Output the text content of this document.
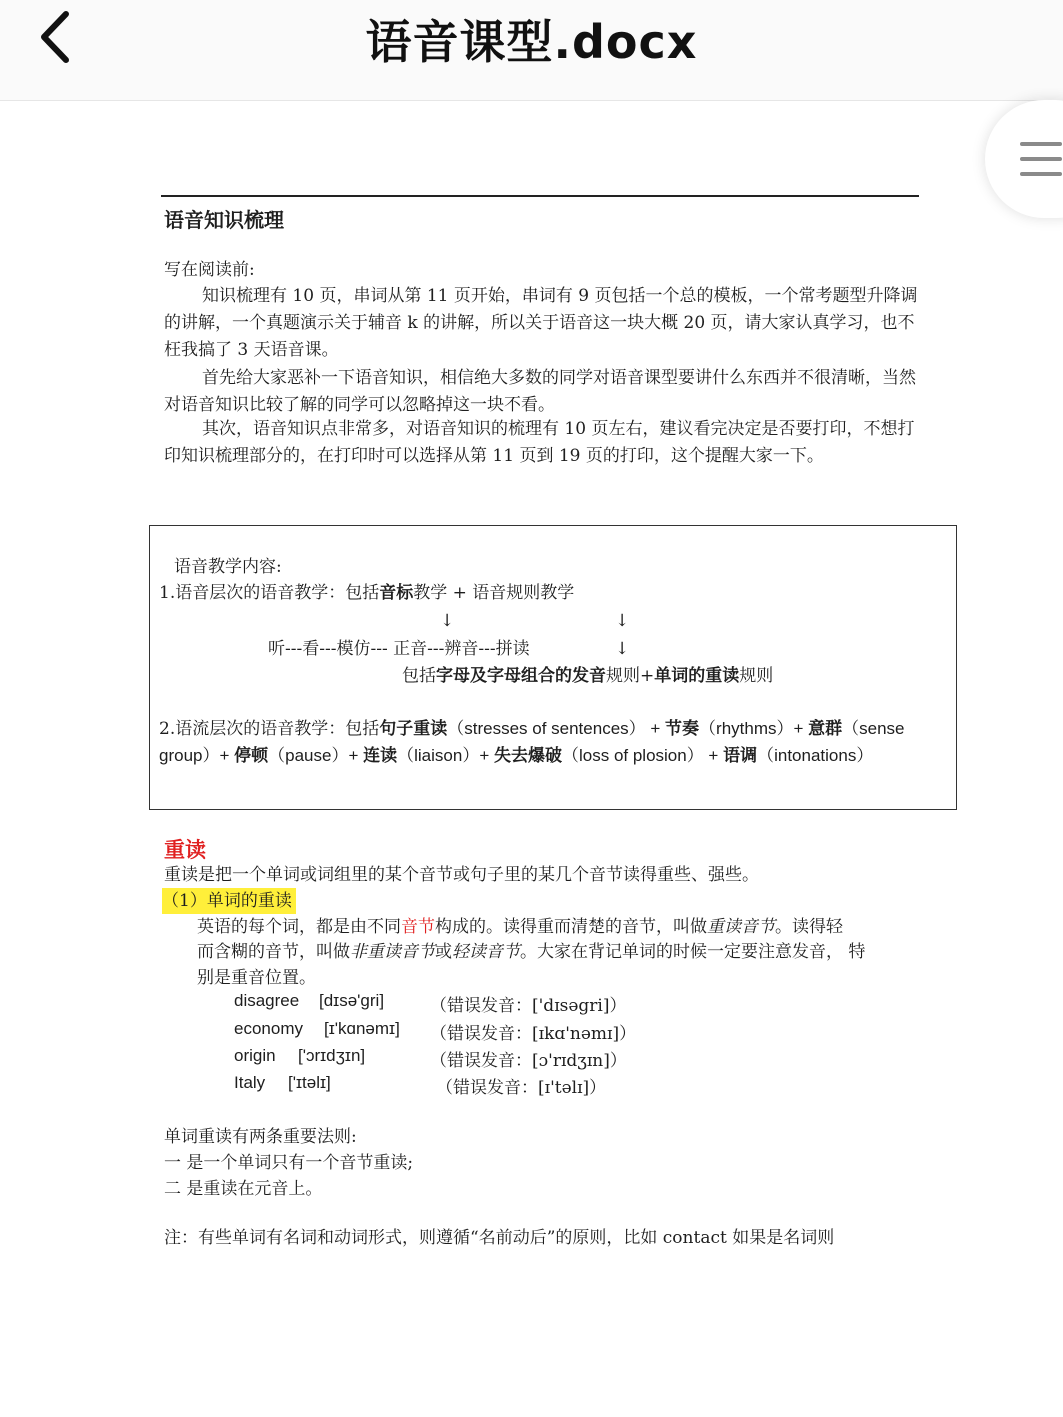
语音课型.docx
语音知识梳理
写在阅读前:
知识梳理有 10 页，串词从第 11 页开始，串词有 9 页包括一个总的模板，一个常考题型升降调的讲解，一个真题演示关于辅音 k 的讲解，所以关于语音这一块大概 20 页，请大家认真学习，也不枉我搞了 3 天语音课。
首先给大家恶补一下语音知识，相信绝大多数的同学对语音课型要讲什么东西并不很清晰，当然对语音知识比较了解的同学可以忽略掉这一块不看。
其次，语音知识点非常多，对语音知识的梳理有 10 页左右，建议看完决定是否要打印，不想打印知识梳理部分的，在打印时可以选择从第 11 页到 19 页的打印，这个提醒大家一下。
语音教学内容:
1.语音层次的语音教学：包括音标教学 + 语音规则教学
↓	↓
听---看---模仿--- 正音---辨音---拼读	↓
包括字母及字母组合的发音规则+单词的重读规则
2.语流层次的语音教学：包括句子重读（stresses of sentences） + 节奏（rhythms）+ 意群（sense
group）+ 停顿（pause）+ 连读（liaison）+ 失去爆破（loss of plosion） + 语调（intonations）
重读
重读是把一个单词或词组里的某个音节或句子里的某几个音节读得重些、强些。
（1）单词的重读
英语的每个词，都是由不同音节构成的。读得重而清楚的音节，叫做重读音节。读得轻
而含糊的音节，叫做非重读音节或轻读音节。大家在背记单词的时候一定要注意发音， 特
别是重音位置。
disagree [dɪsə'gri]	（错误发音：['dɪsəgri]）
economy [ɪ'kɑnəmɪ] （错误发音：[ɪkɑ'nəmɪ]）
origin ['ɔrɪdʒɪn]	（错误发音：[ɔ'rɪdʒɪn]）
Italy ['ɪtəlɪ]	（错误发音：[ɪ'təlɪ]）
单词重读有两条重要法则:
一 是一个单词只有一个音节重读;
二 是重读在元音上。
注：有些单词有名词和动词形式，则遵循“名前动后”的原则，比如 contact 如果是名词则
